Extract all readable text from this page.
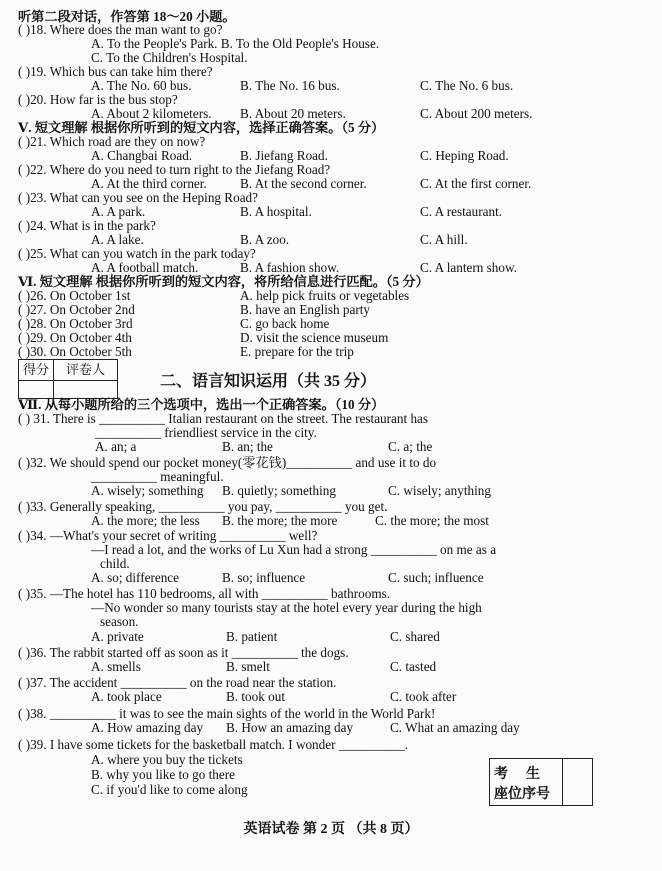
听第二段对话，作答第 18～20 小题。
( )18. Where does the man want to go?
A. To the People's Park. B. To the Old People's House.
C. To the Children's Hospital.
( )19. Which bus can take him there?
A. The No. 60 bus.	B. The No. 16 bus.	C. The No. 6 bus.
( )20. How far is the bus stop?
A. About 2 kilometers. B. About 20 meters.	C. About 200 meters.
Ⅴ. 短文理解 根据你所听到的短文内容，选择正确答案。（5 分）
( )21. Which road are they on now?
A. Changbai Road.	B. Jiefang Road.	C. Heping Road.
( )22. Where do you need to turn right to the Jiefang Road?
A. At the third corner.	B. At the second corner.	C. At the first corner.
( )23. What can you see on the Heping Road?
A. A park.	B. A hospital.	C. A restaurant.
( )24. What is in the park?
A. A lake.	B. A zoo.	C. A hill.
( )25. What can you watch in the park today?
A. A football match.	B. A fashion show.	C. A lantern show.
Ⅵ. 短文理解 根据你所听到的短文内容，将所给信息进行匹配。（5 分）
( )26. On October 1st	A. help pick fruits or vegetables
( )27. On October 2nd	B. have an English party
( )28. On October 3rd	C. go back home
( )29. On October 4th	D. visit the science museum
( )30. On October 5th	E. prepare for the trip
得分	评卷人
二、语言知识运用（共 35 分）
Ⅶ. 从每小题所给的三个选项中，选出一个正确答案。（10 分）
( ) 31. There is __________ Italian restaurant on the street. The restaurant has
__________ friendliest service in the city.
A. an; a	B. an; the	C. a; the
( )32. We should spend our pocket money(零花钱)__________ and use it to do
__________ meaningful.
A. wisely; something B. quietly; something	C. wisely; anything
( )33. Generally speaking, __________ you pay, __________ you get.
A. the more; the less B. the more; the more	C. the more; the most
( )34. —What's your secret of writing __________ well?
—I read a lot, and the works of Lu Xun had a strong __________ on me as a
child.
A. so; difference	B. so; influence	C. such; influence
( )35. —The hotel has 110 bedrooms, all with __________ bathrooms.
—No wonder so many tourists stay at the hotel every year during the high
season.
A. private	B. patient	C. shared
( )36. The rabbit started off as soon as it __________ the dogs.
A. smells	B. smelt	C. tasted
( )37. The accident __________ on the road near the station.
A. took place	B. took out	C. took after
( )38. __________ it was to see the main sights of the world in the World Park!
A. How amazing day B. How an amazing day	C. What an amazing day
( )39. I have some tickets for the basketball match. I wonder __________.
A. where you buy the tickets
B. why you like to go there
C. if you'd like to come along
考生
座位序号
英语试卷 第 2 页 （共 8 页）
